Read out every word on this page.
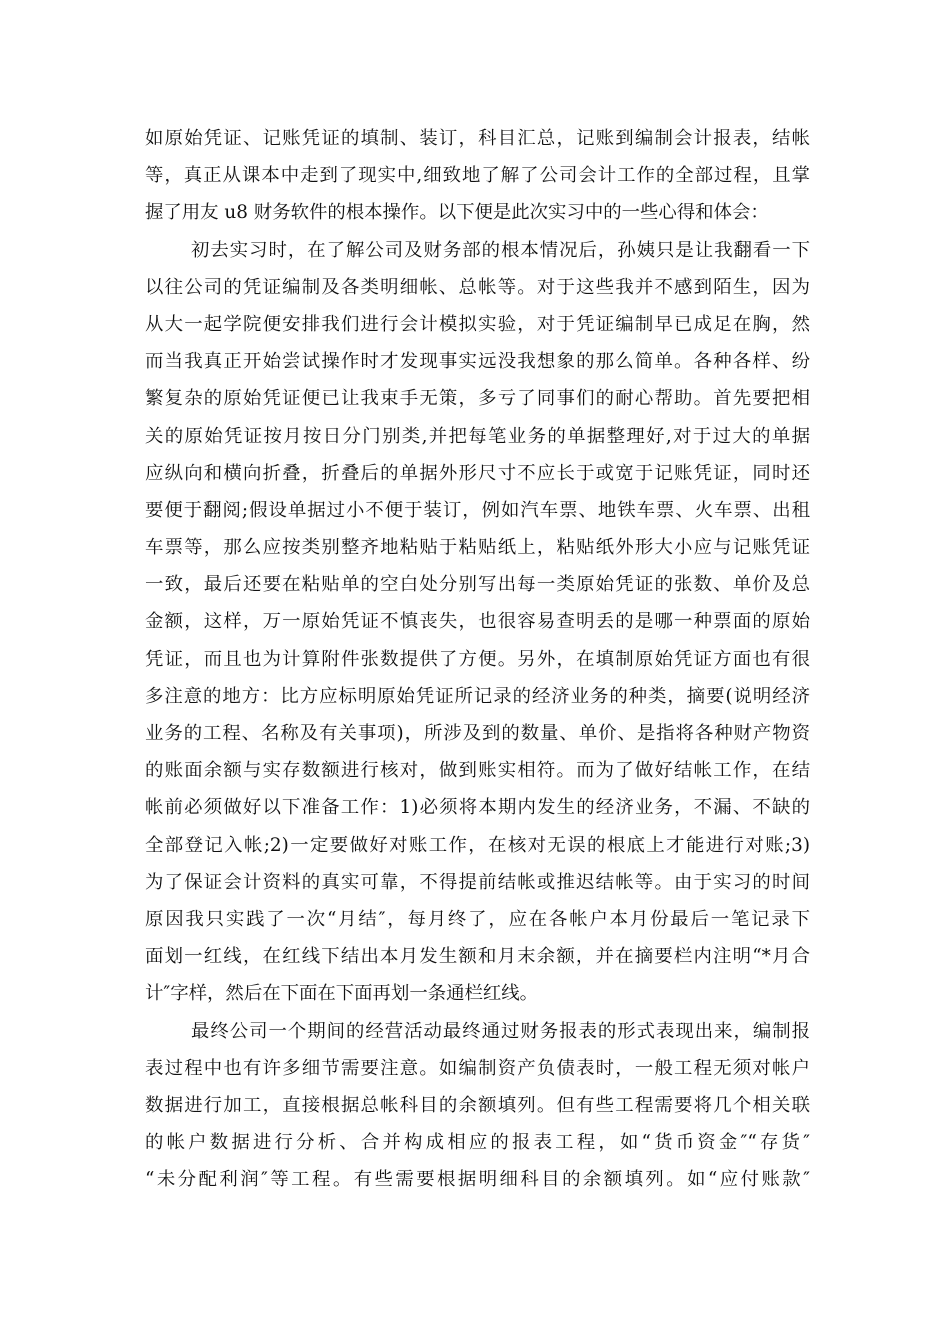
如原始凭证、记账凭证的填制、装订，科目汇总，记账到编制会计报表，结帐
等，真正从课本中走到了现实中,细致地了解了公司会计工作的全部过程，且掌
握了用友 u8 财务软件的根本操作。以下便是此次实习中的一些心得和体会：
初去实习时，在了解公司及财务部的根本情况后，孙姨只是让我翻看一下
以往公司的凭证编制及各类明细帐、总帐等。对于这些我并不感到陌生，因为
从大一起学院便安排我们进行会计模拟实验，对于凭证编制早已成足在胸，然
而当我真正开始尝试操作时才发现事实远没我想象的那么简单。各种各样、纷
繁复杂的原始凭证便已让我束手无策，多亏了同事们的耐心帮助。首先要把相
关的原始凭证按月按日分门别类,并把每笔业务的单据整理好,对于过大的单据
应纵向和横向折叠，折叠后的单据外形尺寸不应长于或宽于记账凭证，同时还
要便于翻阅;假设单据过小不便于装订，例如汽车票、地铁车票、火车票、出租
车票等，那么应按类别整齐地粘贴于粘贴纸上，粘贴纸外形大小应与记账凭证
一致，最后还要在粘贴单的空白处分别写出每一类原始凭证的张数、单价及总
金额，这样，万一原始凭证不慎丧失，也很容易查明丢的是哪一种票面的原始
凭证，而且也为计算附件张数提供了方便。另外，在填制原始凭证方面也有很
多注意的地方：比方应标明原始凭证所记录的经济业务的种类，摘要(说明经济
业务的工程、名称及有关事项)，所涉及到的数量、单价、是指将各种财产物资
的账面余额与实存数额进行核对，做到账实相符。而为了做好结帐工作，在结
帐前必须做好以下准备工作：1)必须将本期内发生的经济业务，不漏、不缺的
全部登记入帐;2)一定要做好对账工作，在核对无误的根底上才能进行对账;3)
为了保证会计资料的真实可靠，不得提前结帐或推迟结帐等。由于实习的时间
原因我只实践了一次“月结″，每月终了，应在各帐户本月份最后一笔记录下
面划一红线，在红线下结出本月发生额和月末余额，并在摘要栏内注明“*月合
计″字样，然后在下面在下面再划一条通栏红线。
最终公司一个期间的经营活动最终通过财务报表的形式表现出来，编制报
表过程中也有许多细节需要注意。如编制资产负债表时，一般工程无须对帐户
数据进行加工，直接根据总帐科目的余额填列。但有些工程需要将几个相关联
的帐户数据进行分析、合并构成相应的报表工程，如“货币资金″“存货″
“未分配利润″等工程。有些需要根据明细科目的余额填列。如“应付账款″
